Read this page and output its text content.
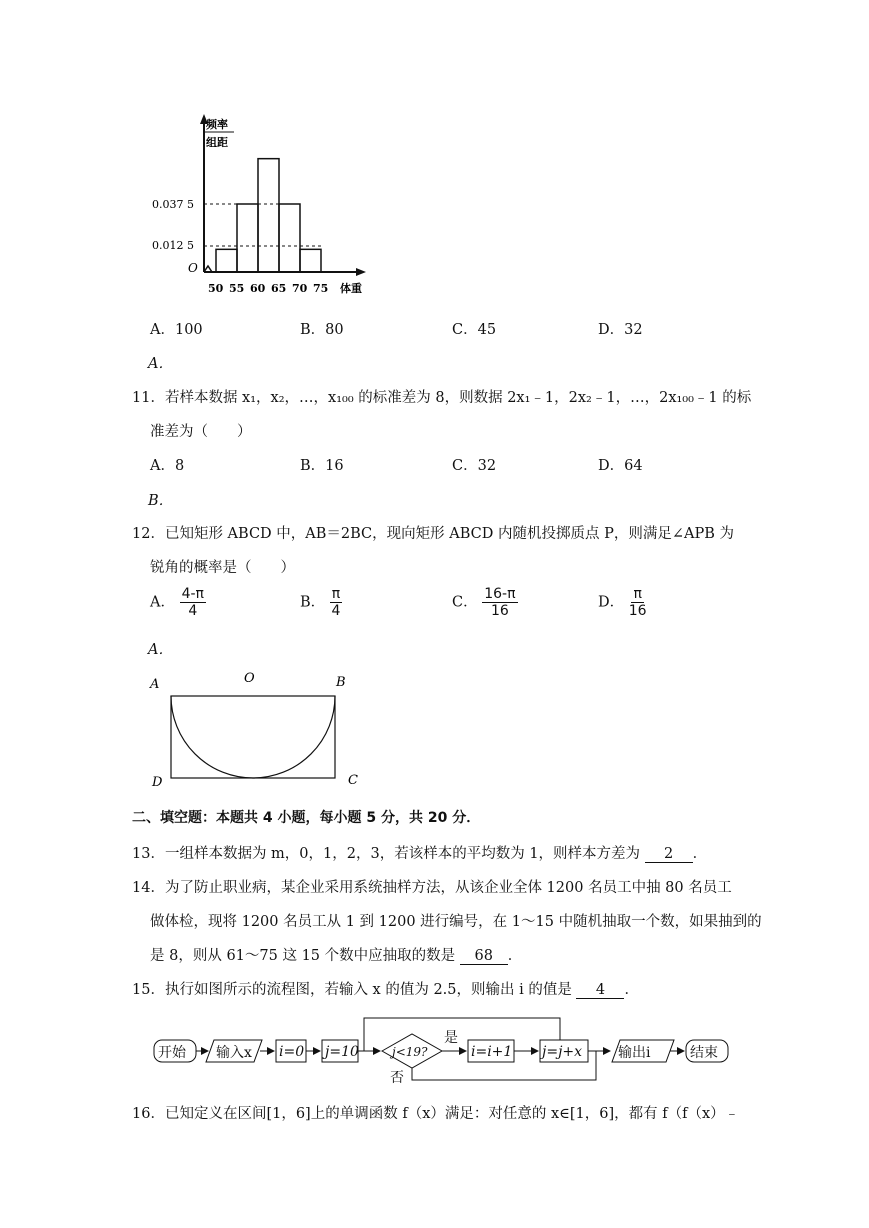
频率
组距
0.037 5
0.012 5
O
50 55 60 65 70 75 体重
A．100	B．80	C．45	D．32
A．
11．若样本数据 x₁，x₂，…，x₁₀₀ 的标准差为 8，则数据 2x₁﹣1，2x₂﹣1，…，2x₁₀₀﹣1 的标
准差为（　　）
A．8	B．16	C．32	D．64
B．
12．已知矩形 ABCD 中，AB＝2BC，现向矩形 ABCD 内随机投掷质点 P，则满足∠APB 为
锐角的概率是（　　）
A． $\frac{4-\pi}{4}$	B． $\frac{\pi}{4}$	C． $\frac{16-\pi}{16}$	D． $\frac{\pi}{16}$
A．
A	O	B
C
D
二、填空题：本题共 4 小题，每小题 5 分，共 20 分．
13．一组样本数据为 m，0，1，2，3，若该样本的平均数为 1，则样本方差为 2 ．
14．为了防止职业病，某企业采用系统抽样方法，从该企业全体 1200 名员工中抽 80 名员工
做体检，现将 1200 名员工从 1 到 1200 进行编号，在 1～15 中随机抽取一个数，如果抽到的
是 8，则从 61～75 这 15 个数中应抽取的数是 68 ．
15．执行如图所示的流程图，若输入 x 的值为 2.5，则输出 i 的值是 4 ．
开始 输入x i=0 j=10	j<19?
是
i=i+1 j=j+x
否
输出i	结束
16．已知定义在区间[1，6]上的单调函数 f（x）满足：对任意的 x∈[1，6]，都有 f（f（x）﹣
